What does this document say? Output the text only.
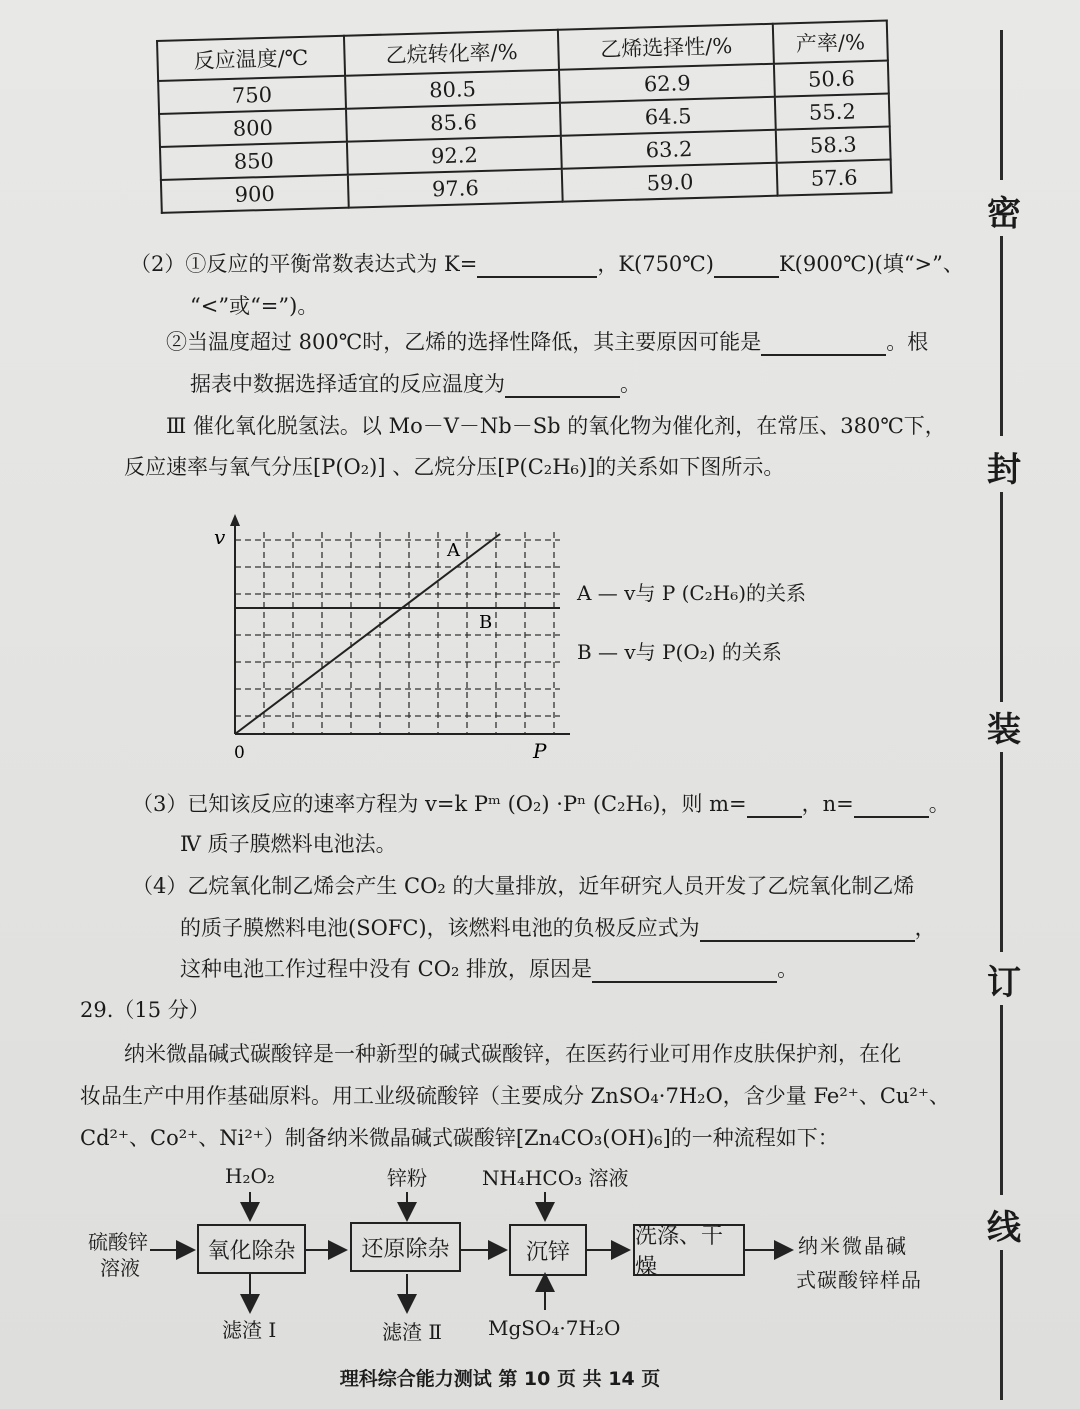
反应温度/℃	乙烷转化率/%	乙烯选择性/%	产率/%
750	80.5	62.9	50.6
800	85.6	64.5	55.2
850	92.2	63.2	58.3
900	97.6	59.0	57.6
（2）①反应的平衡常数表达式为 K=	，K(750℃)	K(900℃)(填“>”、
“<”或“=”)。
②当温度超过 800℃时，乙烯的选择性降低，其主要原因可能是	。根
据表中数据选择适宜的反应温度为	。
Ⅲ 催化氧化脱氢法。以 Mo－V－Nb－Sb 的氧化物为催化剂，在常压、380℃下，
反应速率与氧气分压[P(O₂)] 、乙烷分压[P(C₂H₆)]的关系如下图所示。
v
P
0
A
B
A — v与 P (C₂H₆)的关系
B — v与 P(O₂) 的关系
（3）已知该反应的速率方程为 v=k Pᵐ (O₂) ·Pⁿ (C₂H₆)，则 m=	，n=	。
Ⅳ 质子膜燃料电池法。
（4）乙烷氧化制乙烯会产生 CO₂ 的大量排放，近年研究人员开发了乙烷氧化制乙烯
的质子膜燃料电池(SOFC)，该燃料电池的负极反应式为	，
这种电池工作过程中没有 CO₂ 排放，原因是	。
29.（15 分）
纳米微晶碱式碳酸锌是一种新型的碱式碳酸锌，在医药行业可用作皮肤保护剂，在化
妆品生产中用作基础原料。用工业级硫酸锌（主要成分 ZnSO₄·7H₂O，含少量 Fe²⁺、Cu²⁺、
Cd²⁺、Co²⁺、Ni²⁺）制备纳米微晶碱式碳酸锌[Zn₄CO₃(OH)₆]的一种流程如下：
硫酸锌
溶液
氧化除杂	还原除杂	沉锌
洗涤、干燥
纳米微晶碱
式碳酸锌样品
H₂O₂	锌粉	NH₄HCO₃ 溶液
MgSO₄·7H₂O
滤渣 Ⅰ	滤渣 Ⅱ
理科综合能力测试 第 10 页 共 14 页
密
封
装
订
线
